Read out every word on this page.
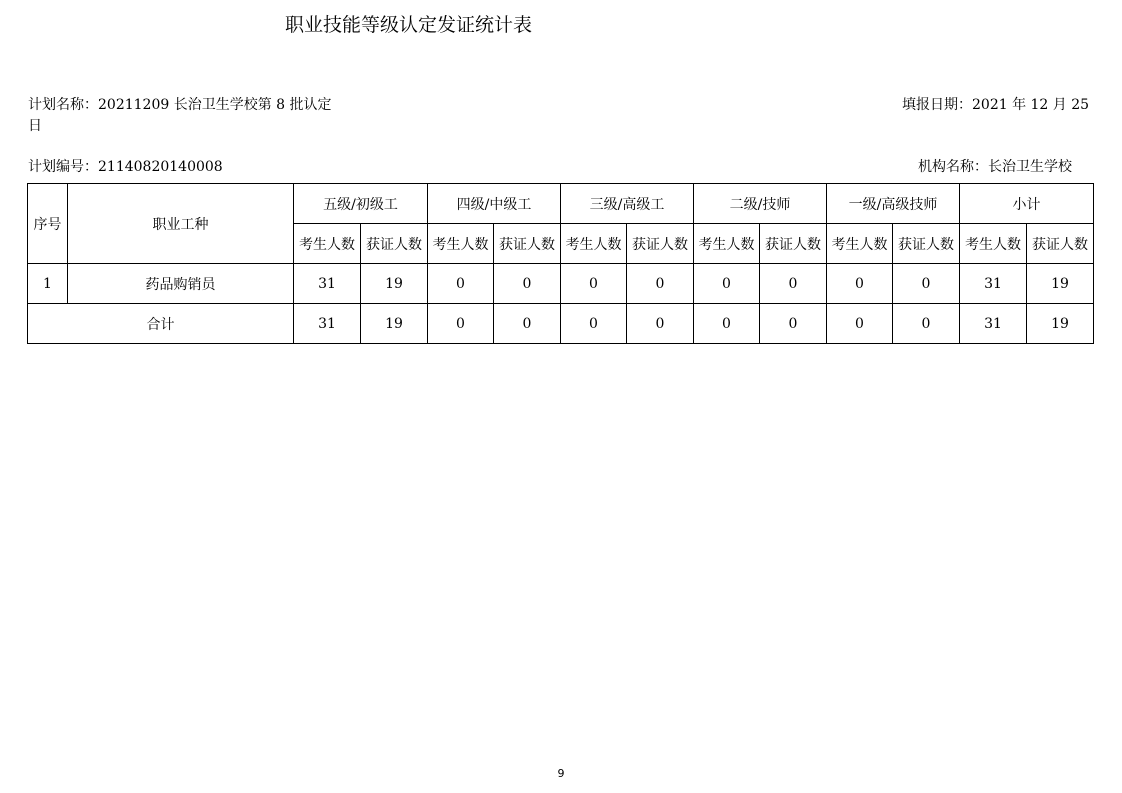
职业技能等级认定发证统计表
计划名称：20211209 长治卫生学校第 8 批认定
日
填报日期：2021 年 12 月 25
计划编号：21140820140008	机构名称：长治卫生学校
序号	职业工种	五级/初级工		四级/中级工		三级/高级工		二级/技师		一级/高级技师		小计	
		考生人数	获证人数	考生人数	获证人数	考生人数	获证人数	考生人数	获证人数	考生人数	获证人数	考生人数	获证人数
1	药品购销员	31	19	0	0	0	0	0	0	0	0	31	19
合计		31	19	0	0	0	0	0	0	0	0	31	19
9
